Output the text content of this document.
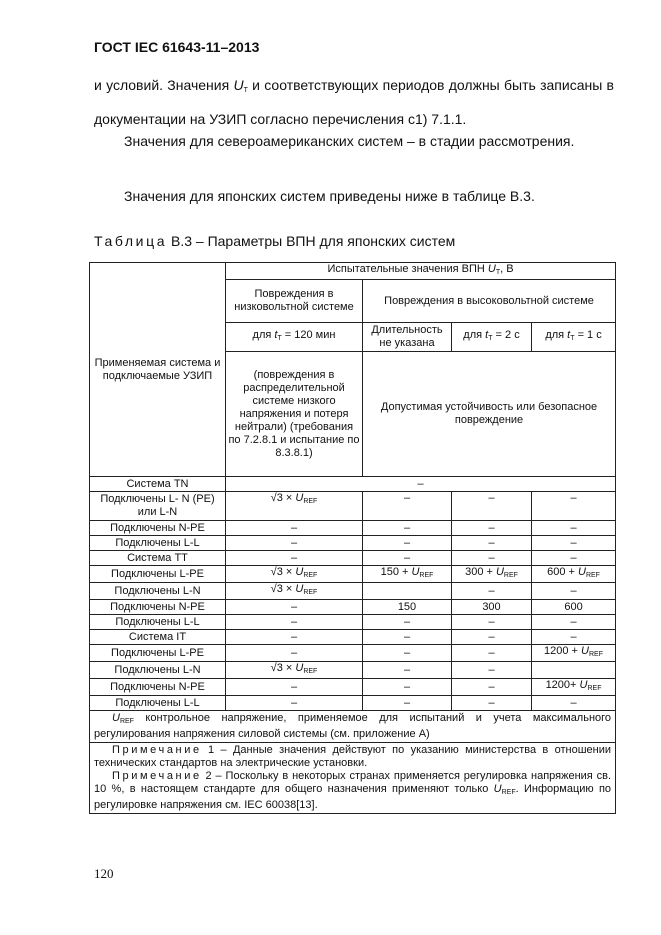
ГОСТ IEC 61643-11–2013
и условий. Значения $U_T$ и соответствующих периодов должны быть записаны в документации на УЗИП согласно перечисления с1) 7.1.1.
Значения для североамериканских систем – в стадии рассмотрения.
Значения для японских систем приведены ниже в таблице В.3.
Таблица В.3 – Параметры ВПН для японских систем
Применяемая система и подключаемые УЗИП	Испытательные значения ВПН $U_T$, В			
	Повреждения в низковольтной системе	Повреждения в высоковольтной системе		
	для $t_T = 120$ мин	Длительность не указана	для $t_T = 2$ с	для $t_T = 1$ с
	(повреждения в распределительной системе низкого напряжения и потеря нейтрали) (требования по 7.2.8.1 и испытание по 8.3.8.1)	Допустимая устойчивость или безопасное повреждение		
Система TN	–			
Подключены L- N (PE) или L-N	$√3 \times U_{REF}$	–	–	–
Подключены N-PE	–	–	–	–
Подключены L-L	–	–	–	–
Система TT	–	–	–	–
Подключены L-PE	$√3 \times U_{REF}$	$150 + U_{REF}$	$300 + U_{REF}$	$600 + U_{REF}$
Подключены L-N	$√3 \times U_{REF}$		–	–
Подключены N-PE	–	150	300	600
Подключены L-L	–	–	–	–
Система IT	–	–	–	–
Подключены L-PE	–	–	–	$1200 + U_{REF}$
Подключены L-N	$√3 \times U_{REF}$	–	–	
Подключены N-PE	–	–	–	$1200+ U_{REF}$
Подключены L-L	–	–	–	–
$U_{REF}$ контрольное напряжение, применяемое для испытаний и учета максимального регулирования напряжения силовой системы (см. приложение А)				

Примечание 1 – Данные значения действуют по указанию министерства в отношении технических стандартов на электрические установки.
Примечание 2 – Поскольку в некоторых странах применяется регулировка напряжения св. 10 %, в настоящем стандарте для общего назначения применяют только $U_{REF}$. Информацию по регулировке напряжения см. IEC 60038[13].				
120
